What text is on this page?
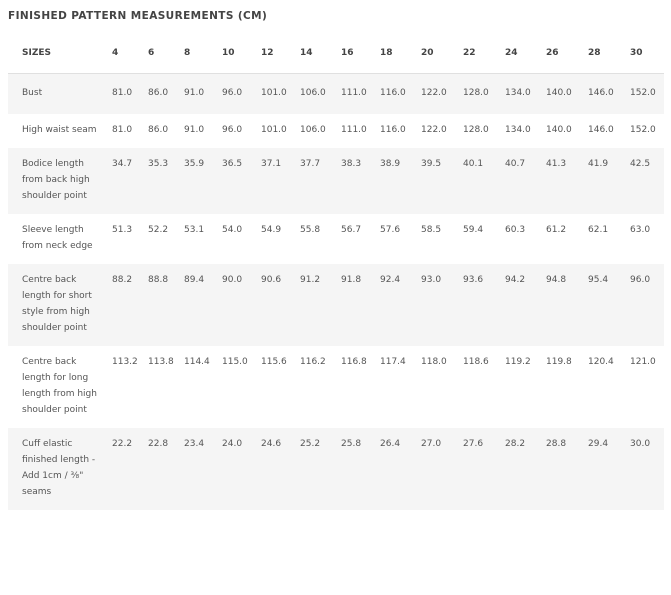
FINISHED PATTERN MEASUREMENTS (CM)
SIZES	4	6	8	10	12	14	16	18	20	22	24	26	28	30

Bust	81.0	86.0	91.0	96.0	101.0	106.0	111.0	116.0	122.0	128.0	134.0	140.0	146.0	152.0

High waist seam	81.0	86.0	91.0	96.0	101.0	106.0	111.0	116.0	122.0	128.0	134.0	140.0	146.0	152.0

Bodice length from back high shoulder point	34.7	35.3	35.9	36.5	37.1	37.7	38.3	38.9	39.5	40.1	40.7	41.3	41.9	42.5

Sleeve length from neck edge	51.3	52.2	53.1	54.0	54.9	55.8	56.7	57.6	58.5	59.4	60.3	61.2	62.1	63.0

Centre back length for short style from high shoulder point	88.2	88.8	89.4	90.0	90.6	91.2	91.8	92.4	93.0	93.6	94.2	94.8	95.4	96.0

Centre back length for long length from high shoulder point	113.2	113.8	114.4	115.0	115.6	116.2	116.8	117.4	118.0	118.6	119.2	119.8	120.4	121.0

Cuff elastic finished length - Add 1cm / ⅜" seams	22.2	22.8	23.4	24.0	24.6	25.2	25.8	26.4	27.0	27.6	28.2	28.8	29.4	30.0
